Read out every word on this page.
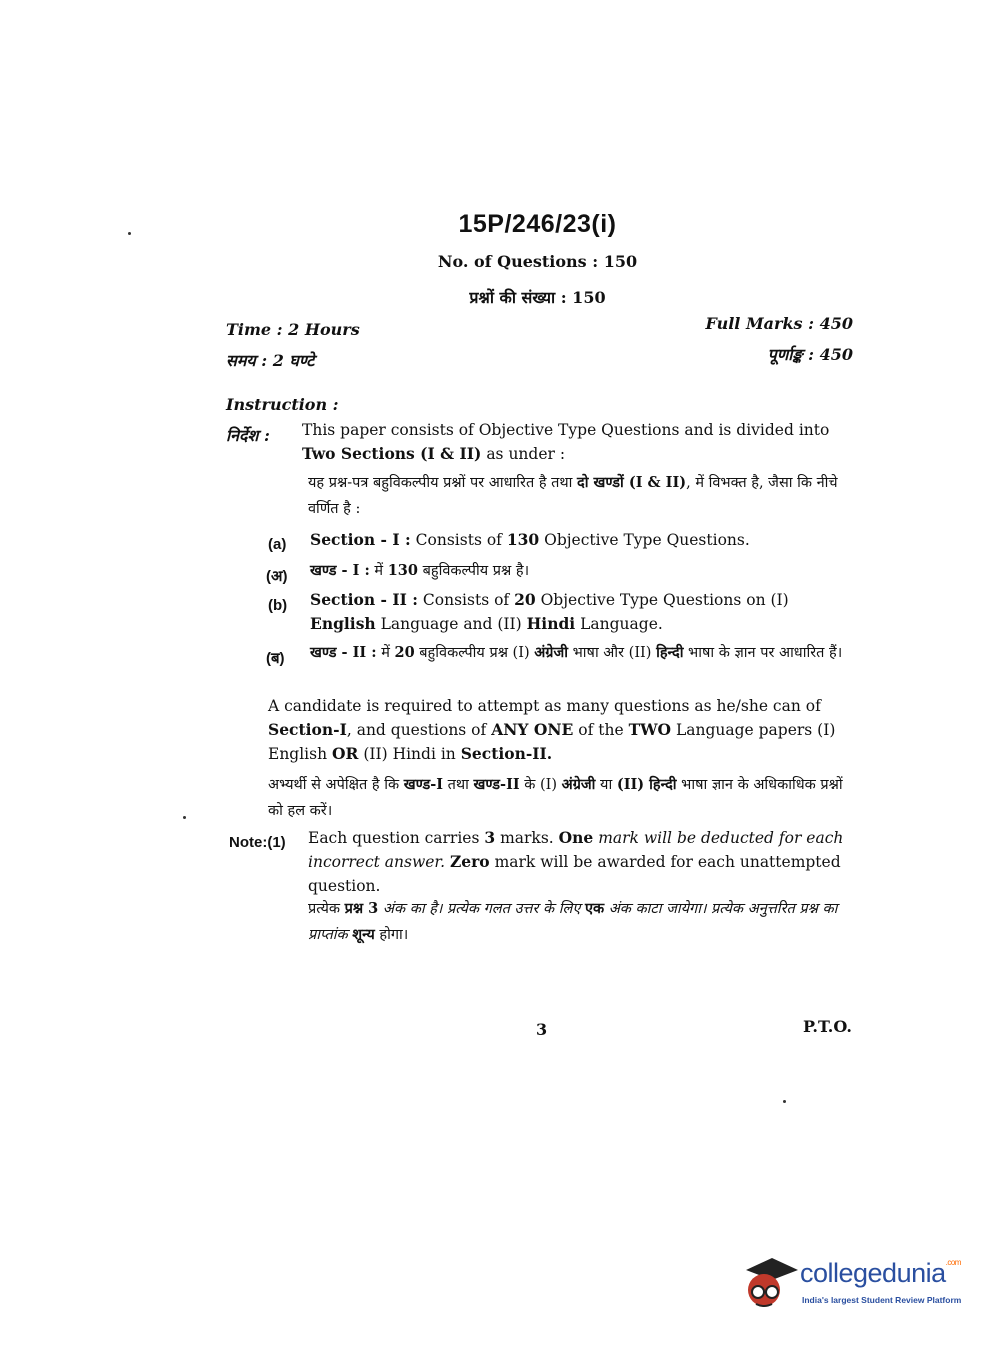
15P/246/23(i)
No. of Questions : 150
प्रश्नों की संख्या : 150
Time : 2 Hours
समय : 2 घण्टे
Full Marks : 450
पूर्णाङ्क : 450
Instruction :
निर्देश : This paper consists of Objective Type Questions and is divided into Two Sections (I & II) as under :
यह प्रश्न-पत्र बहुविकल्पीय प्रश्नों पर आधारित है तथा दो खण्डों (I & II), में विभक्त है, जैसा कि नीचे वर्णित है :
(a) Section - I : Consists of 130 Objective Type Questions.
(अ) खण्ड - I : में 130 बहुविकल्पीय प्रश्न है।
(b) Section - II : Consists of 20 Objective Type Questions on (I) English Language and (II) Hindi Language.
(ब) खण्ड - II : में 20 बहुविकल्पीय प्रश्न (I) अंग्रेजी भाषा और (II) हिन्दी भाषा के ज्ञान पर आधारित हैं।
A candidate is required to attempt as many questions as he/she can of Section-I, and questions of ANY ONE of the TWO Language papers (I) English OR (II) Hindi in Section-II.
अभ्यर्थी से अपेक्षित है कि खण्ड-I तथा खण्ड-II के (I) अंग्रेजी या (II) हिन्दी भाषा ज्ञान के अधिकाधिक प्रश्नों को हल करें।
Note:(1) Each question carries 3 marks. One mark will be deducted for each incorrect answer. Zero mark will be awarded for each unattempted question.
प्रत्येक प्रश्न 3 अंक का है। प्रत्येक गलत उत्तर के लिए एक अंक काटा जायेगा। प्रत्येक अनुत्तरित प्रश्न का प्राप्तांक शून्य होगा।
3	P.T.O.
collegedunia$^{.com}$
India's largest Student Review Platform
